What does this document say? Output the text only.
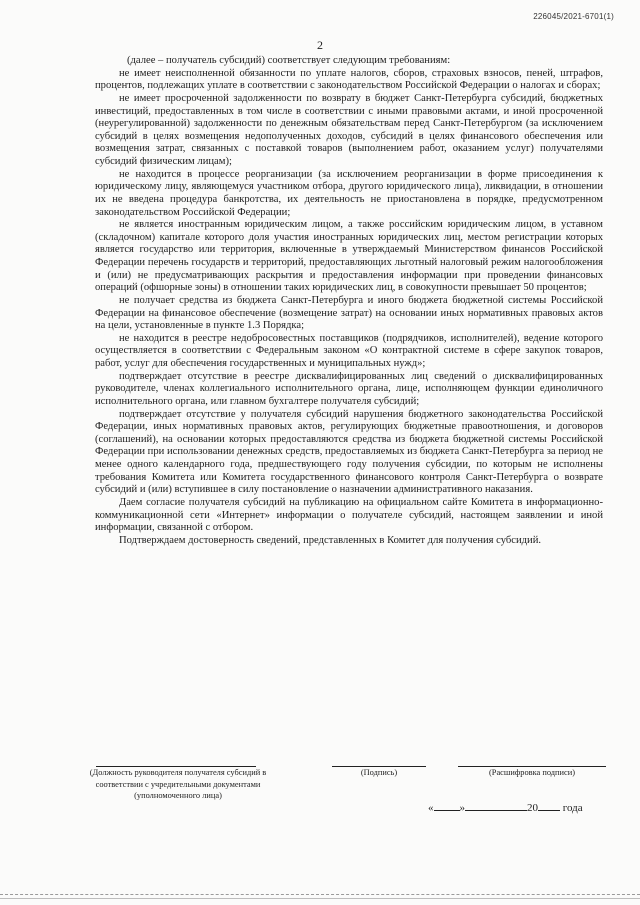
226045/2021-6701(1)
2

(далее – получатель субсидий) соответствует следующим требованиям:

не имеет неисполненной обязанности по уплате налогов, сборов, страховых взносов, пеней, штрафов, процентов, подлежащих уплате в соответствии с законодательством Российской Федерации о налогах и сборах;

не имеет просроченной задолженности по возврату в бюджет Санкт-Петербурга субсидий, бюджетных инвестиций, предоставленных в том числе в соответствии с иными правовыми актами, и иной просроченной (неурегулированной) задолженности по денежным обязательствам перед Санкт-Петербургом (за исключением субсидий в целях возмещения недополученных доходов, субсидий в целях финансового обеспечения или возмещения затрат, связанных с поставкой товаров (выполнением работ, оказанием услуг) получателями субсидий физическим лицам);

не находится в процессе реорганизации (за исключением реорганизации в форме присоединения к юридическому лицу, являющемуся участником отбора, другого юридического лица), ликвидации, в отношении их не введена процедура банкротства, их деятельность не приостановлена в порядке, предусмотренном законодательством Российской Федерации;

не является иностранным юридическим лицом, а также российским юридическим лицом, в уставном (складочном) капитале которого доля участия иностранных юридических лиц, местом регистрации которых является государство или территория, включенные в утверждаемый Министерством финансов Российской Федерации перечень государств и территорий, предоставляющих льготный налоговый режим налогообложения и (или) не предусматривающих раскрытия и предоставления информации при проведении финансовых операций (офшорные зоны) в отношении таких юридических лиц, в совокупности превышает 50 процентов;

не получает средства из бюджета Санкт-Петербурга и иного бюджета бюджетной системы Российской Федерации на финансовое обеспечение (возмещение затрат) на основании иных нормативных правовых актов на цели, установленные в пункте 1.3 Порядка;

не находится в реестре недобросовестных поставщиков (подрядчиков, исполнителей), ведение которого осуществляется в соответствии с Федеральным законом «О контрактной системе в сфере закупок товаров, работ, услуг для обеспечения государственных и муниципальных нужд»;

подтверждает отсутствие в реестре дисквалифицированных лиц сведений о дисквалифицированных руководителе, членах коллегиального исполнительного органа, лице, исполняющем функции единоличного исполнительного органа, или главном бухгалтере получателя субсидий;

подтверждает отсутствие у получателя субсидий нарушения бюджетного законодательства Российской Федерации, иных нормативных правовых актов, регулирующих бюджетные правоотношения, и договоров (соглашений), на основании которых предоставляются средства из бюджета бюджетной системы Российской Федерации при использовании денежных средств, предоставляемых из бюджета Санкт-Петербурга за период не менее одного календарного года, предшествующего году получения субсидии, по которым не исполнены требования Комитета или Комитета государственного финансового контроля Санкт-Петербурга о возврате субсидий и (или) вступившее в силу постановление о назначении административного наказания.

Даем согласие получателя субсидий на публикацию на официальном сайте Комитета в информационно-коммуникационной сети «Интернет» информации о получателе субсидий, настоящем заявлении и иной информации, связанной с отбором.

Подтверждаем достоверность сведений, представленных в Комитет для получения субсидий.

(Должность руководителя получателя субсидий в соответствии с учредительными документами (уполномоченного лица)
(Подпись)	(Расшифровка подписи)
« »	20 года
